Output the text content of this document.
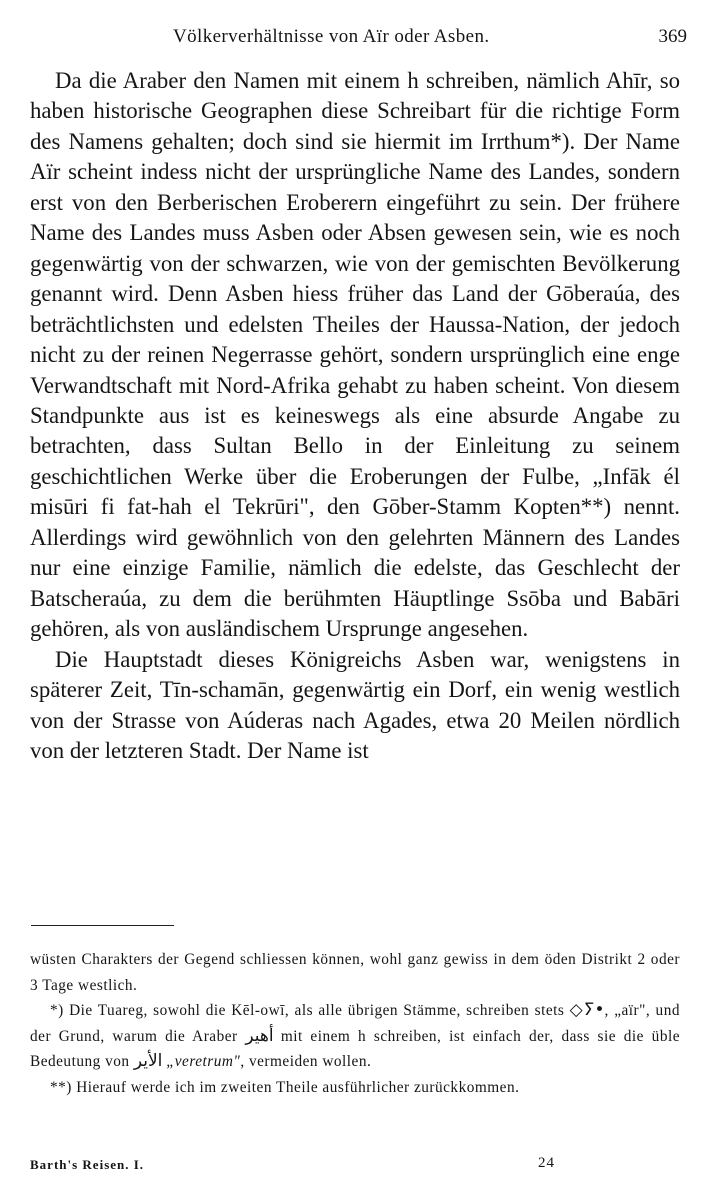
Völkerverhältnisse von Aïr oder Asben.	369

Da die Araber den Namen mit einem h schreiben, nämlich Ahīr, so haben historische Geographen diese Schreibart für die richtige Form des Namens gehalten; doch sind sie hiermit im Irrthum*). Der Name Aïr scheint indess nicht der ursprüngliche Name des Landes, sondern erst von den Berberischen Eroberern eingeführt zu sein. Der frühere Name des Landes muss Asben oder Absen gewesen sein, wie es noch gegenwärtig von der schwarzen, wie von der gemischten Bevölkerung genannt wird. Denn Asben hiess früher das Land der Gōberaúa, des beträchtlichsten und edelsten Theiles der Haussa-Nation, der jedoch nicht zu der reinen Negerrasse gehört, sondern ursprünglich eine enge Verwandtschaft mit Nord-Afrika gehabt zu haben scheint. Von diesem Standpunkte aus ist es keineswegs als eine absurde Angabe zu betrachten, dass Sultan Bello in der Einleitung zu seinem geschichtlichen Werke über die Eroberungen der Fulbe, „Infāk él misūri fi fat-hah el Tekrūri", den Gōber-Stamm Kopten**) nennt. Allerdings wird gewöhnlich von den gelehrten Männern des Landes nur eine einzige Familie, nämlich die edelste, das Geschlecht der Batscheraúa, zu dem die berühmten Häuptlinge Ssōba und Babāri gehören, als von ausländischem Ursprunge angesehen.

Die Hauptstadt dieses Königreichs Asben war, wenigstens in späterer Zeit, Tīn-schamān, gegenwärtig ein Dorf, ein wenig westlich von der Strasse von Aúderas nach Agades, etwa 20 Meilen nördlich von der letzteren Stadt. Der Name ist

wüsten Charakters der Gegend schliessen können, wohl ganz gewiss in dem öden Distrikt 2 oder 3 Tage westlich.

*) Die Tuareg, sowohl die Kēl-owī, als alle übrigen Stämme, schreiben stets ◇ⵢ•, „aïr", und der Grund, warum die Araber أهير mit einem h schreiben, ist einfach der, dass sie die üble Bedeutung von الأير „veretrum", vermeiden wollen.

**) Hierauf werde ich im zweiten Theile ausführlicher zurückkommen.

Barth's Reisen. I.	24
